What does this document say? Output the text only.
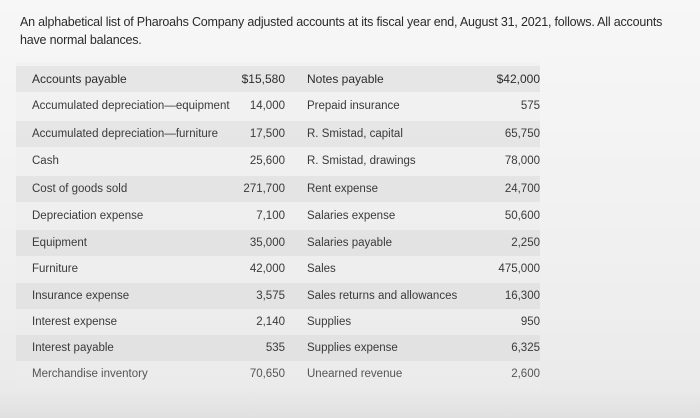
An alphabetical list of Pharoahs Company adjusted accounts at its fiscal year end, August 31, 2021, follows. All accounts have normal balances.
Accounts payable	$15,580 Notes payable	$42,000
Accumulated depreciation—equipment 14,000 Prepaid insurance	575
Accumulated depreciation—furniture	17,500 R. Smistad, capital	65,750
Cash	25,600 R. Smistad, drawings	78,000
Cost of goods sold	271,700 Rent expense	24,700
Depreciation expense	7,100 Salaries expense	50,600
Equipment	35,000 Salaries payable	2,250
Furniture	42,000 Sales	475,000
Insurance expense	3,575 Sales returns and allowances	16,300
Interest expense	2,140 Supplies	950
Interest payable	535 Supplies expense	6,325
Merchandise inventory	70,650 Unearned revenue	2,600
